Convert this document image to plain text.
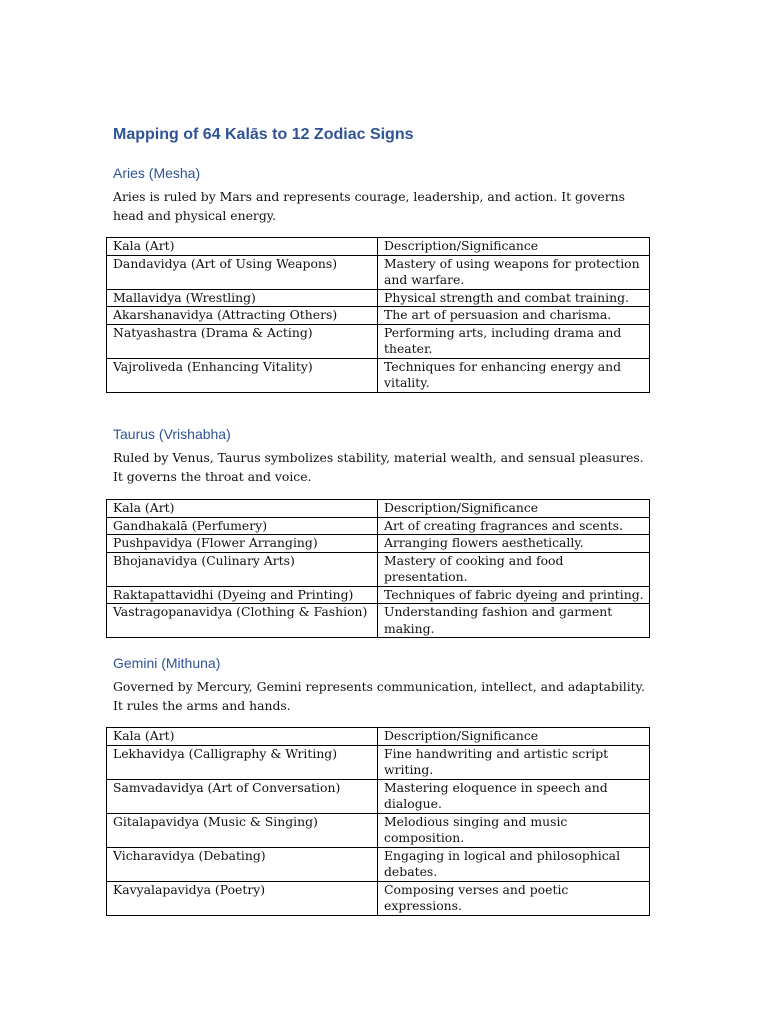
Mapping of 64 Kalās to 12 Zodiac Signs
Aries (Mesha)

Aries is ruled by Mars and represents courage, leadership, and action. It governs head and physical energy.

Kala (Art)	Description/Significance
Dandavidya (Art of Using Weapons)	Mastery of using weapons for protection and warfare.
Mallavidya (Wrestling)	Physical strength and combat training.
Akarshanavidya (Attracting Others)	The art of persuasion and charisma.
Natyashastra (Drama & Acting)	Performing arts, including drama and theater.
Vajroliveda (Enhancing Vitality)	Techniques for enhancing energy and vitality.
Taurus (Vrishabha)

Ruled by Venus, Taurus symbolizes stability, material wealth, and sensual pleasures. It governs the throat and voice.

Kala (Art)	Description/Significance
Gandhakalā (Perfumery)	Art of creating fragrances and scents.
Pushpavidya (Flower Arranging)	Arranging flowers aesthetically.
Bhojanavidya (Culinary Arts)	Mastery of cooking and food presentation.
Raktapattavidhi (Dyeing and Printing)	Techniques of fabric dyeing and printing.
Vastragopanavidya (Clothing & Fashion)	Understanding fashion and garment making.
Gemini (Mithuna)

Governed by Mercury, Gemini represents communication, intellect, and adaptability. It rules the arms and hands.

Kala (Art)	Description/Significance
Lekhavidya (Calligraphy & Writing)	Fine handwriting and artistic script writing.
Samvadavidya (Art of Conversation)	Mastering eloquence in speech and dialogue.
Gitalapavidya (Music & Singing)	Melodious singing and music composition.
Vicharavidya (Debating)	Engaging in logical and philosophical debates.
Kavyalapavidya (Poetry)	Composing verses and poetic expressions.
